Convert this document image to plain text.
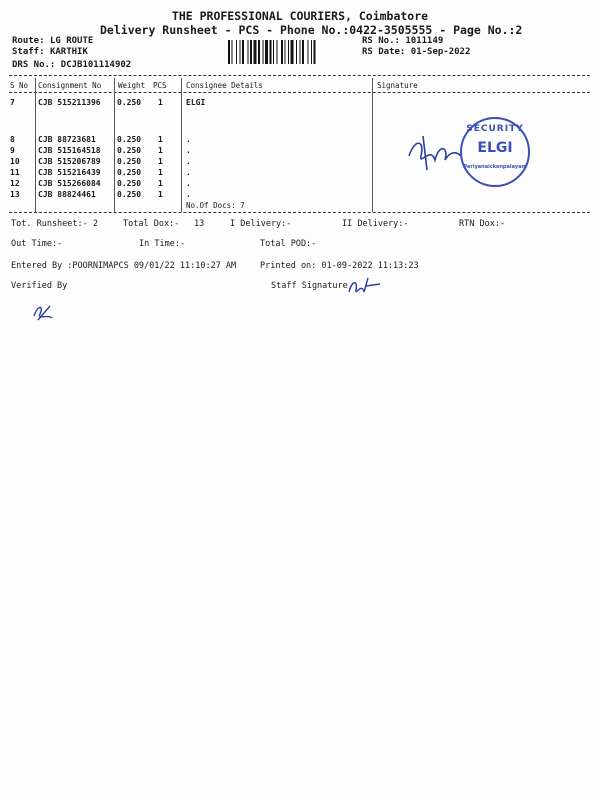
THE PROFESSIONAL COURIERS, Coimbatore
Delivery Runsheet - PCS - Phone No.:0422-3505555 - Page No.:2
Route: LG ROUTE
Staff: KARTHIK
DRS No.: DCJB101114902
RS No.: 1011149
RS Date: 01-Sep-2022
S No Consignment No Weight PCS	Consignee Details	Signature
7	CJB 515211396 0.250 1	ELGI
8	CJB 88723681	0.250 1	.
9	CJB 515164518 0.250 1	.
10 CJB 515206789 0.250 1	.
11 CJB 515216439 0.250 1	.
12 CJB 515266084 0.250 1	.
13 CJB 88824461	0.250 1	.
No.Of Docs: 7
SECURITY
ELGI
Periyanaickenpalayam
Tot. Runsheet:- 2	Total Dox:- 13	I Delivery:-	II Delivery:-	RTN Dox:-
Out Time:-	In Time:-	Total POD:-
Entered By :POORNIMAPCS 09/01/22 11:10:27 AM	Printed on: 01-09-2022 11:13:23
Verified By	Staff Signature
